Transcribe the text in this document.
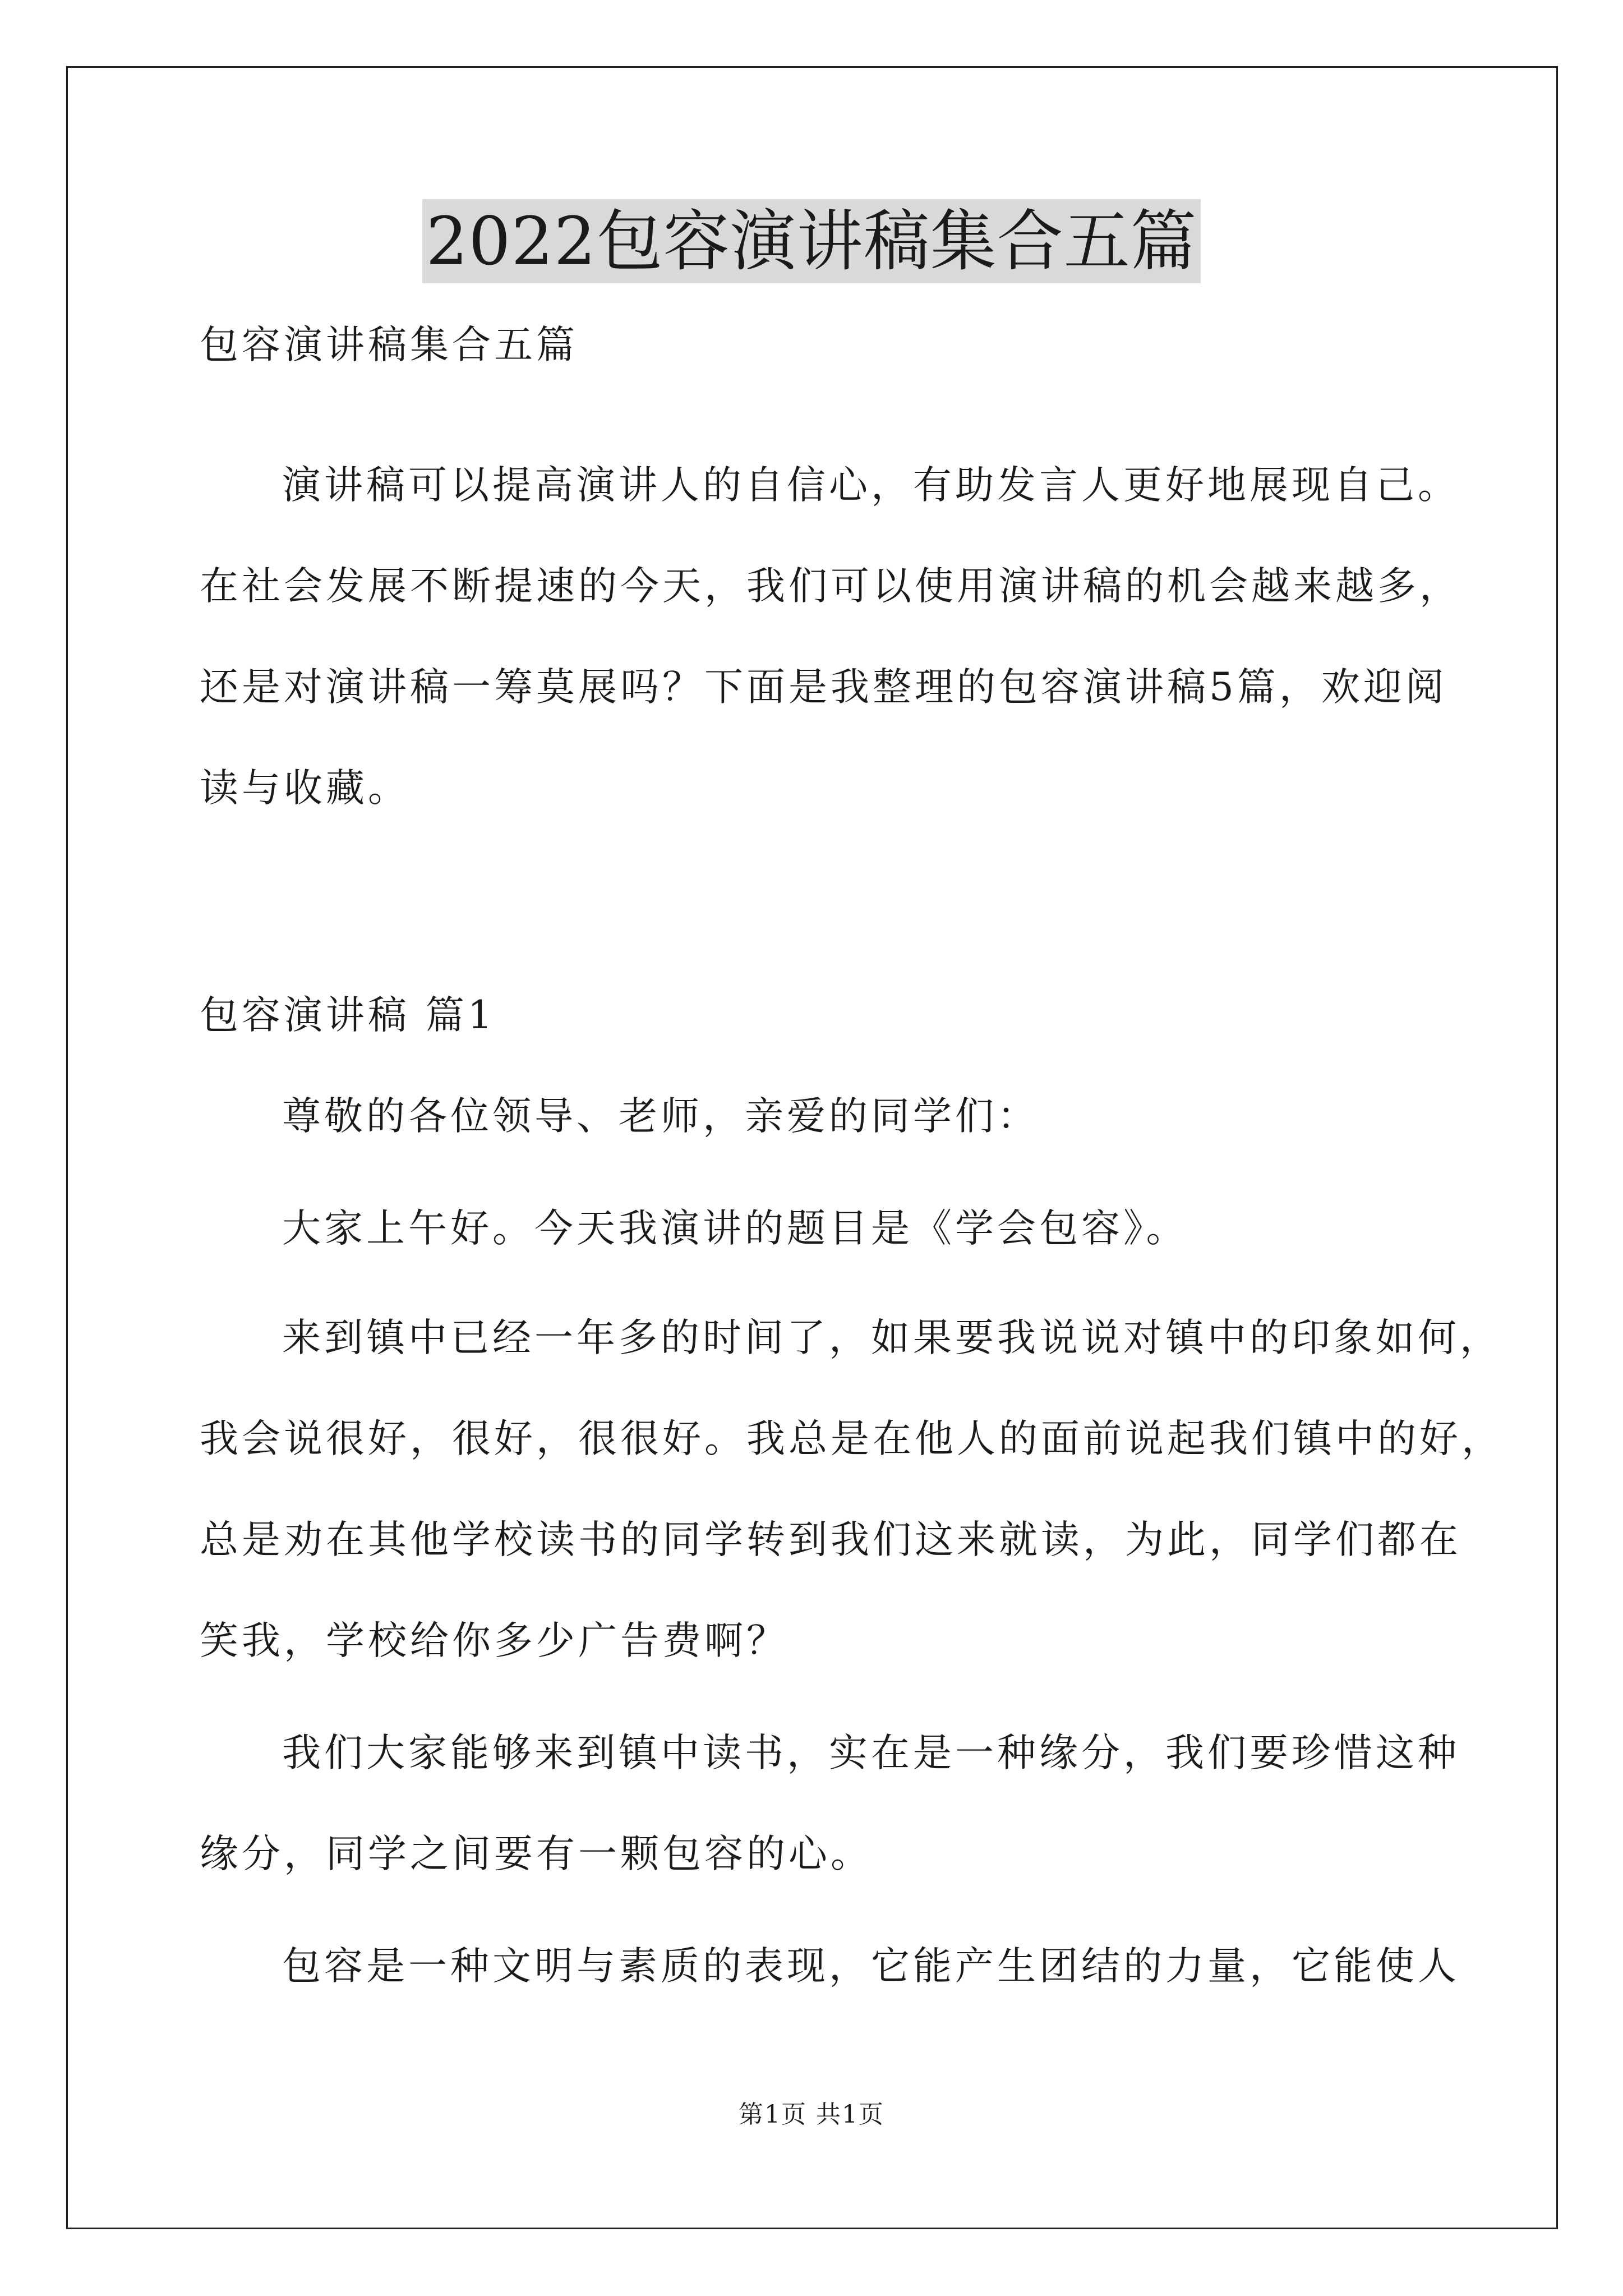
2022包容演讲稿集合五篇
包容演讲稿集合五篇
演讲稿可以提高演讲人的自信心，有助发言人更好地展现自己。
在社会发展不断提速的今天，我们可以使用演讲稿的机会越来越多，
还是对演讲稿一筹莫展吗？下面是我整理的包容演讲稿5篇，欢迎阅
读与收藏。
包容演讲稿 篇1
尊敬的各位领导、老师，亲爱的同学们：
大家上午好。今天我演讲的题目是《学会包容》。
来到镇中已经一年多的时间了，如果要我说说对镇中的印象如何，
我会说很好，很好，很很好。我总是在他人的面前说起我们镇中的好，
总是劝在其他学校读书的同学转到我们这来就读，为此，同学们都在
笑我，学校给你多少广告费啊？
我们大家能够来到镇中读书，实在是一种缘分，我们要珍惜这种
缘分，同学之间要有一颗包容的心。
包容是一种文明与素质的表现，它能产生团结的力量，它能使人
第1页 共1页
